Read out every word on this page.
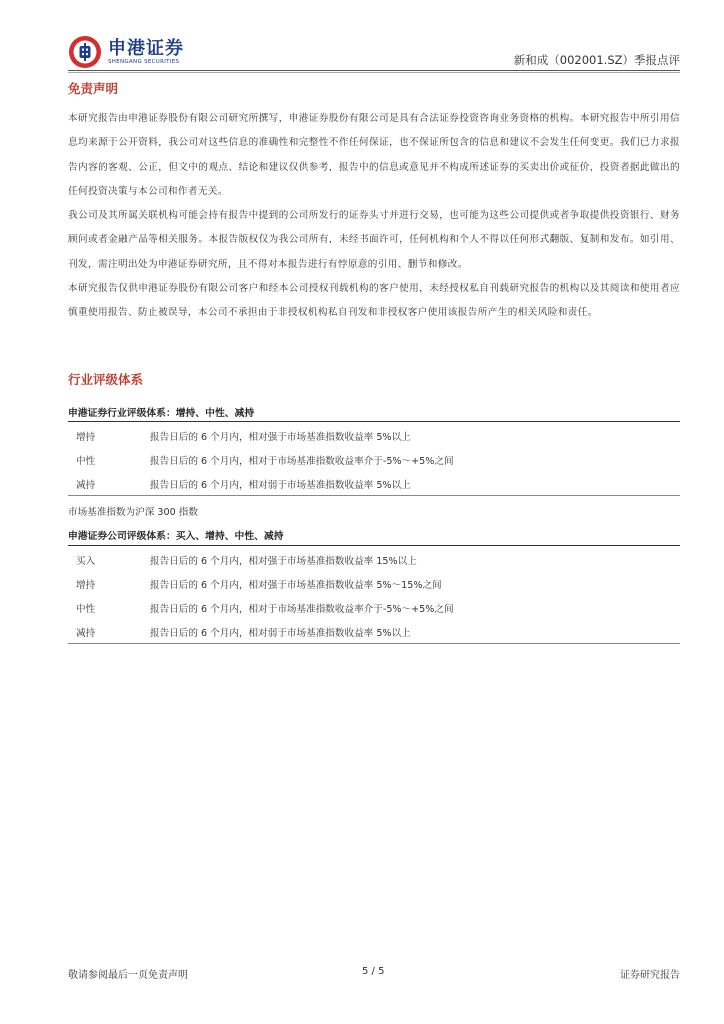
申港证券
SHENGANG SECURITIES	新和成（002001.SZ）季报点评
免责声明
本研究报告由申港证券股份有限公司研究所撰写，申港证券股份有限公司是具有合法证券投资咨询业务资格的机构。本研究报告中所引用信息均来源于公开资料，我公司对这些信息的准确性和完整性不作任何保证，也不保证所包含的信息和建议不会发生任何变更。我们已力求报告内容的客观、公正，但文中的观点、结论和建议仅供参考，报告中的信息或意见并不构成所述证券的买卖出价或征价，投资者据此做出的任何投资决策与本公司和作者无关。
我公司及其所属关联机构可能会持有报告中提到的公司所发行的证券头寸并进行交易，也可能为这些公司提供或者争取提供投资银行、财务顾问或者金融产品等相关服务。本报告版权仅为我公司所有，未经书面许可，任何机构和个人不得以任何形式翻版、复制和发布。如引用、刊发，需注明出处为申港证券研究所，且不得对本报告进行有悖原意的引用、删节和修改。
本研究报告仅供申港证券股份有限公司客户和经本公司授权刊载机构的客户使用，未经授权私自刊载研究报告的机构以及其阅读和使用者应慎重使用报告、防止被误导，本公司不承担由于非授权机构私自刊发和非授权客户使用该报告所产生的相关风险和责任。
行业评级体系
申港证券行业评级体系：增持、中性、减持
增持	报告日后的 6 个月内，相对强于市场基准指数收益率 5%以上
中性	报告日后的 6 个月内，相对于市场基准指数收益率介于-5%～+5%之间
减持	报告日后的 6 个月内，相对弱于市场基准指数收益率 5%以上
市场基准指数为沪深 300 指数
申港证券公司评级体系：买入、增持、中性、减持
买入	报告日后的 6 个月内，相对强于市场基准指数收益率 15%以上
增持	报告日后的 6 个月内，相对强于市场基准指数收益率 5%～15%之间
中性	报告日后的 6 个月内，相对于市场基准指数收益率介于-5%～+5%之间
减持	报告日后的 6 个月内，相对弱于市场基准指数收益率 5%以上
敬请参阅最后一页免责声明	5 / 5	证券研究报告
